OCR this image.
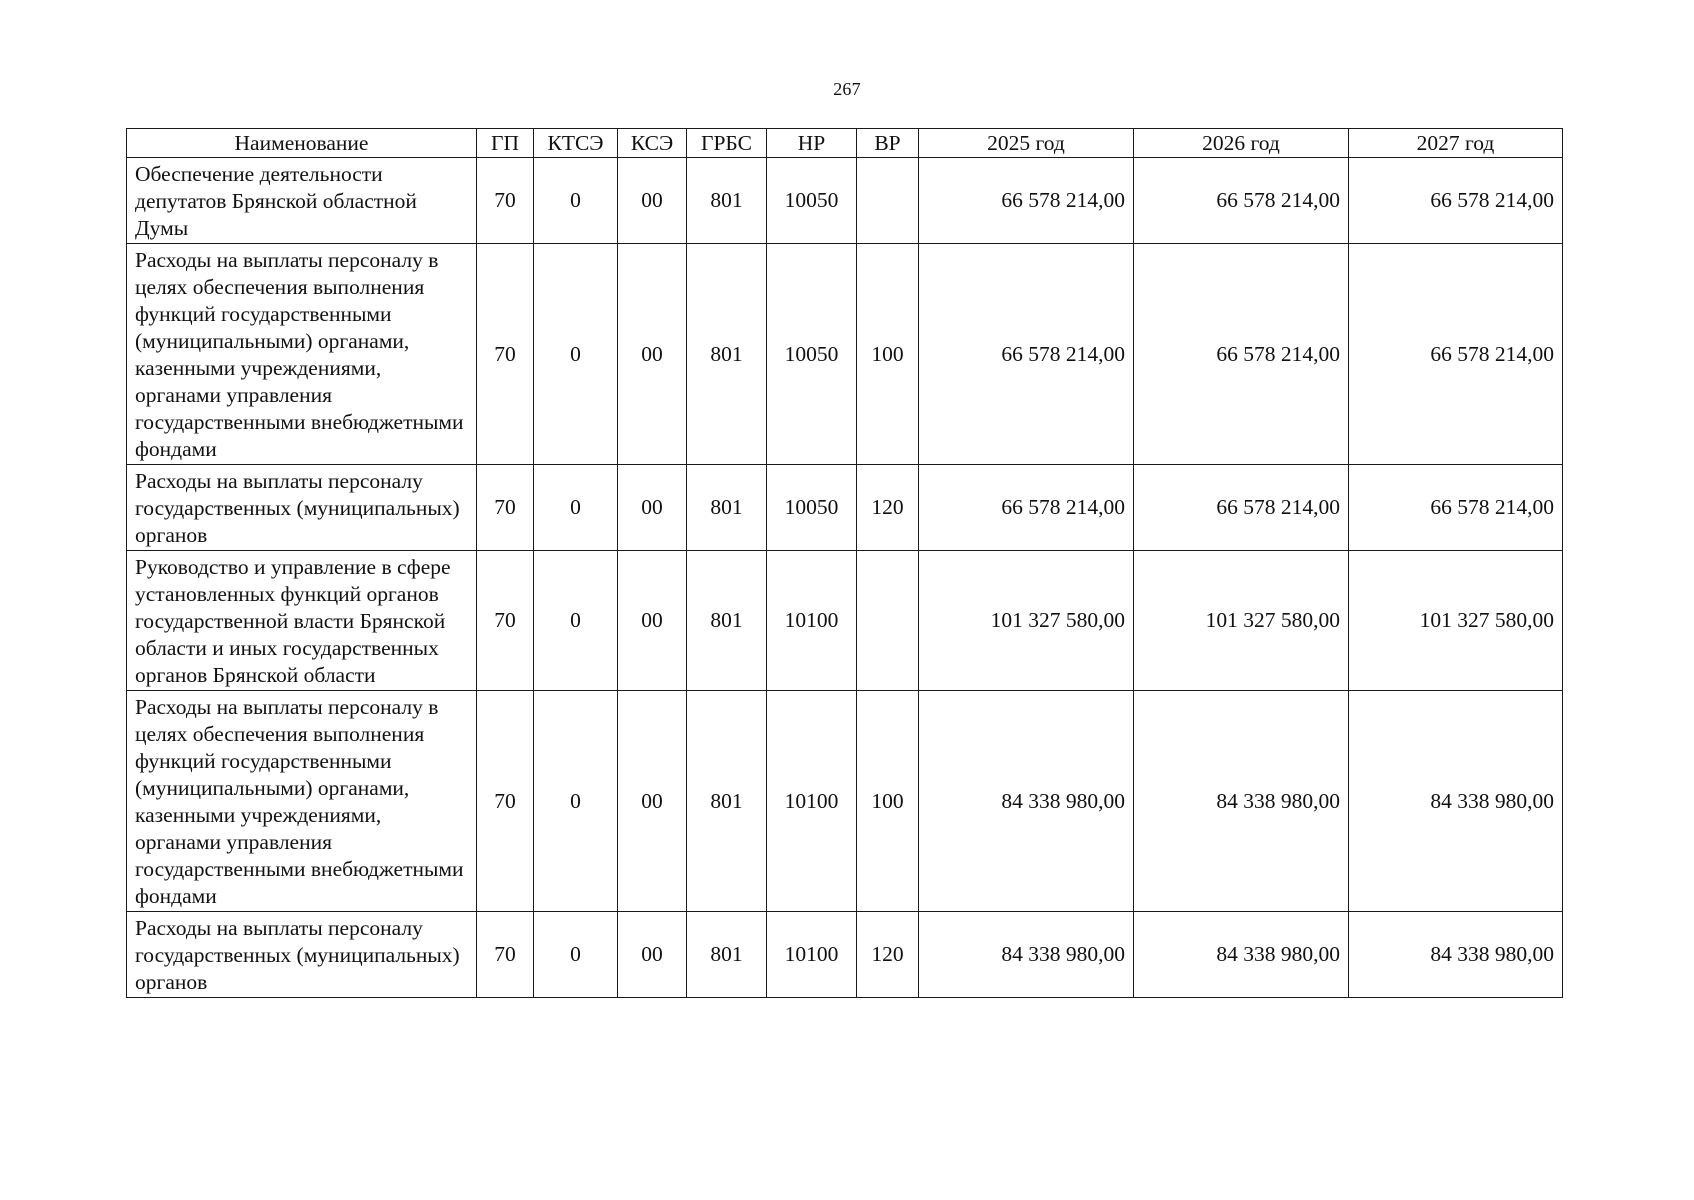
267
Наименование	ГП	КТСЭ	КСЭ	ГРБС	НР	ВР	2025 год	2026 год	2027 год
Обеспечение деятельности депутатов Брянской областной Думы	70	0	00	801	10050		66 578 214,00	66 578 214,00	66 578 214,00
Расходы на выплаты персоналу в целях обеспечения выполнения функций государственными (муниципальными) органами, казенными учреждениями, органами управления государственными внебюджетными фондами	70	0	00	801	10050	100	66 578 214,00	66 578 214,00	66 578 214,00
Расходы на выплаты персоналу государственных (муниципальных) органов	70	0	00	801	10050	120	66 578 214,00	66 578 214,00	66 578 214,00
Руководство и управление в сфере установленных функций органов государственной власти Брянской области и иных государственных органов Брянской области	70	0	00	801	10100		101 327 580,00	101 327 580,00	101 327 580,00
Расходы на выплаты персоналу в целях обеспечения выполнения функций государственными (муниципальными) органами, казенными учреждениями, органами управления государственными внебюджетными фондами	70	0	00	801	10100	100	84 338 980,00	84 338 980,00	84 338 980,00
Расходы на выплаты персоналу государственных (муниципальных) органов	70	0	00	801	10100	120	84 338 980,00	84 338 980,00	84 338 980,00
